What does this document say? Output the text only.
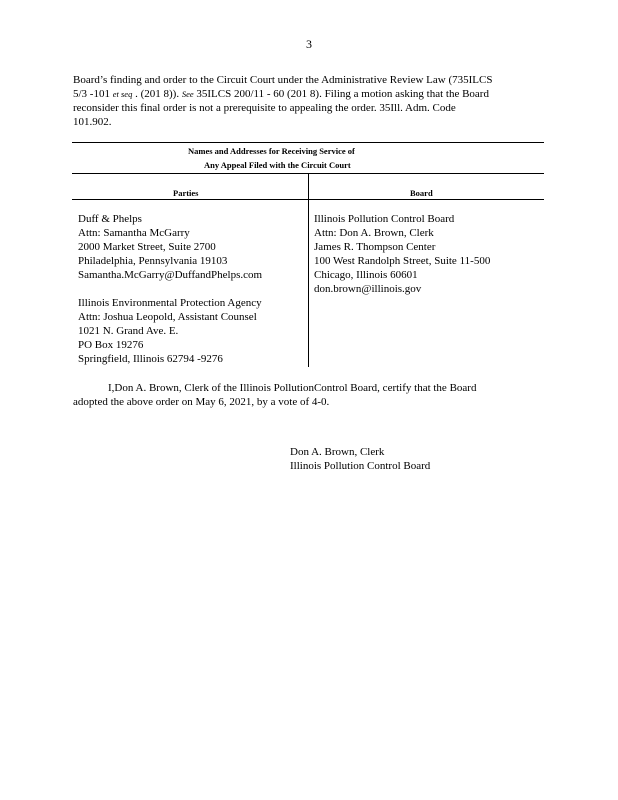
3
Board’s finding and order to the Circuit Court under the Administrative Review Law (735ILCS
5/3 -101 et seq . (201 8)). See 35ILCS 200/11 - 60 (201 8). Filing a motion asking that the Board
reconsider this final order is not a prerequisite to appealing the order. 35Ill. Adm. Code
101.902.
Names and Addresses for Receiving Service of
Any Appeal Filed with the Circuit Court
Parties	Board
Duff & Phelps
Attn: Samantha McGarry
2000 Market Street, Suite 2700
Philadelphia, Pennsylvania 19103
Samantha.McGarry@DuffandPhelps.com
Illinois Environmental Protection Agency
Attn: Joshua Leopold, Assistant Counsel
1021 N. Grand Ave. E.
PO Box 19276
Springfield, Illinois 62794 -9276
Illinois Pollution Control Board
Attn: Don A. Brown, Clerk
James R. Thompson Center
100 West Randolph Street, Suite 11-500
Chicago, Illinois 60601
don.brown@illinois.gov
I,Don A. Brown, Clerk of the Illinois PollutionControl Board, certify that the Board
adopted the above order on May 6, 2021, by a vote of 4-0.
Don A. Brown, Clerk
Illinois Pollution Control Board
